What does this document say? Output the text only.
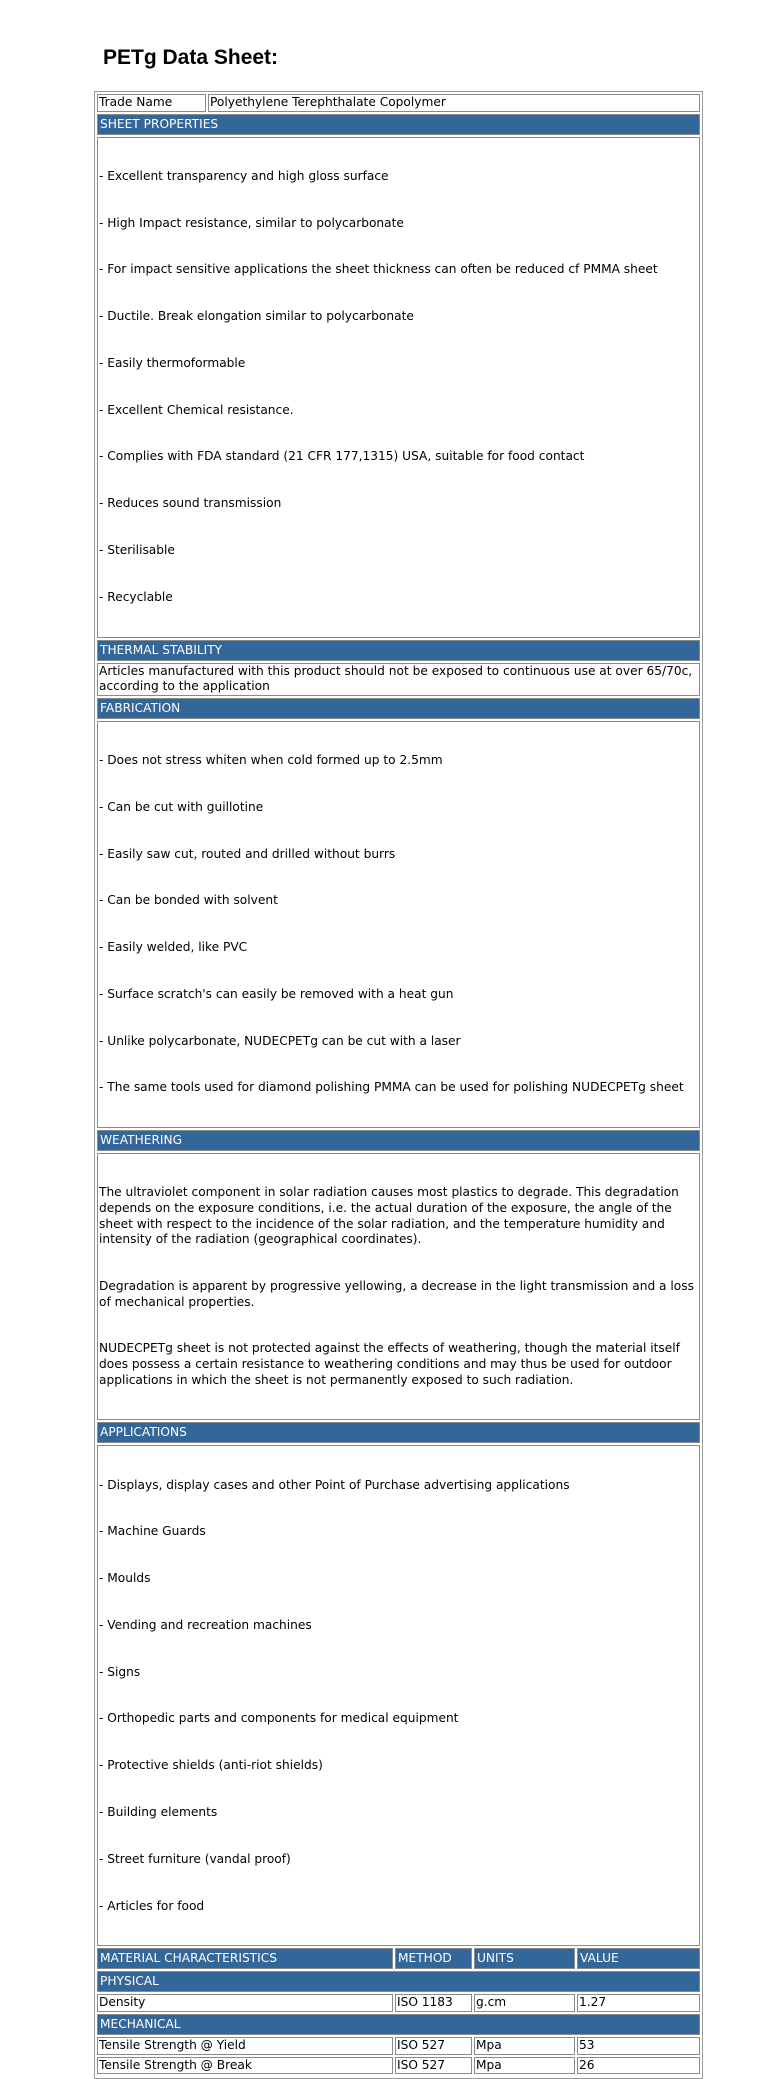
PETg Data Sheet:
Trade Name	Polyethylene Terephthalate Copolymer
SHEET PROPERTIES

- Excellent transparency and high gloss surface

- High Impact resistance, similar to polycarbonate

- For impact sensitive applications the sheet thickness can often be reduced cf PMMA sheet

- Ductile. Break elongation similar to polycarbonate

- Easily thermoformable

- Excellent Chemical resistance.

- Complies with FDA standard (21 CFR 177,1315) USA, suitable for food contact

- Reduces sound transmission

- Sterilisable

- Recyclable

THERMAL STABILITY
Articles manufactured with this product should not be exposed to continuous use at over 65/70c, according to the application
FABRICATION

- Does not stress whiten when cold formed up to 2.5mm

- Can be cut with guillotine

- Easily saw cut, routed and drilled without burrs

- Can be bonded with solvent

- Easily welded, like PVC

- Surface scratch's can easily be removed with a heat gun

- Unlike polycarbonate, NUDECPETg can be cut with a laser

- The same tools used for diamond polishing PMMA can be used for polishing NUDECPETg sheet

WEATHERING

The ultraviolet component in solar radiation causes most plastics to degrade. This degradation depends on the exposure conditions, i.e. the actual duration of the exposure, the angle of the sheet with respect to the incidence of the solar radiation, and the temperature humidity and intensity of the radiation (geographical coordinates).

Degradation is apparent by progressive yellowing, a decrease in the light transmission and a loss of mechanical properties.

NUDECPETg sheet is not protected against the effects of weathering, though the material itself does possess a certain resistance to weathering conditions and may thus be used for outdoor applications in which the sheet is not permanently exposed to such radiation.

APPLICATIONS

- Displays, display cases and other Point of Purchase advertising applications

- Machine Guards

- Moulds

- Vending and recreation machines

- Signs

- Orthopedic parts and components for medical equipment

- Protective shields (anti-riot shields)

- Building elements

- Street furniture (vandal proof)

- Articles for food

MATERIAL CHARACTERISTICS	METHOD	UNITS	VALUE
PHYSICAL
Density	ISO 1183	g.cm	1.27
MECHANICAL
Tensile Strength @ Yield	ISO 527	Mpa	53
Tensile Strength @ Break	ISO 527	Mpa	26
